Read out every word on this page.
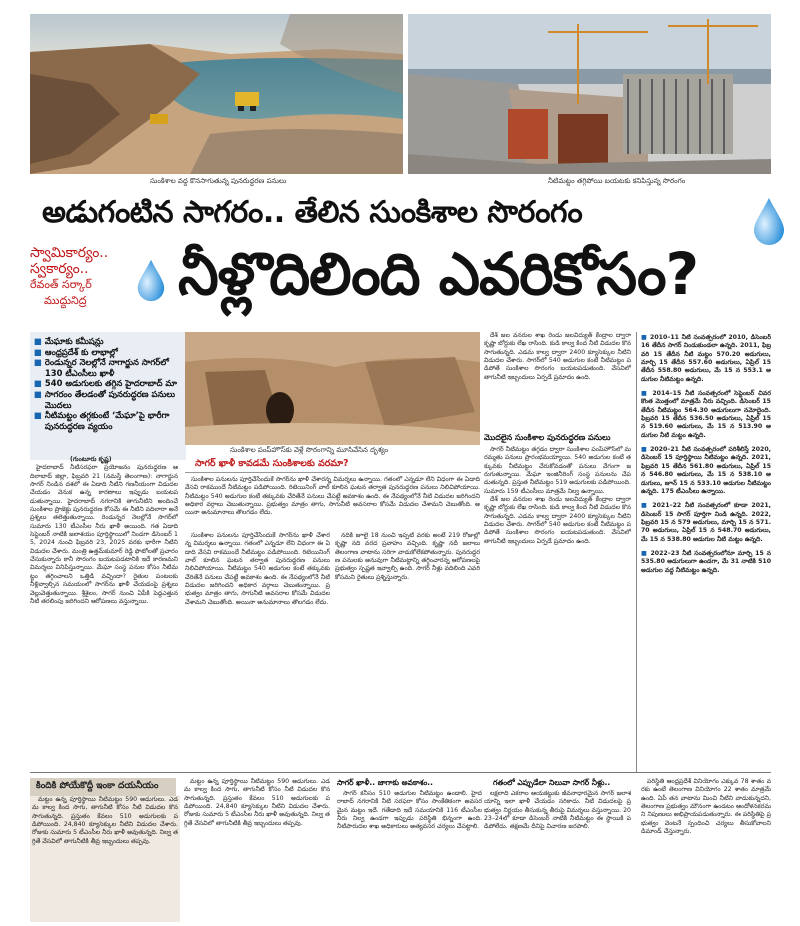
సుంకిశాల వద్ద కొనసాగుతున్న పునరుద్ధరణ పనులు	నీటిమట్టం తగ్గిపోయి బయటకు కనిపిస్తున్న సొరంగం
అడుగంటిన సాగరం.. తేలిన సుంకిశాల సొరంగం
స్వామికార్యం..
స్వకార్యం..
రేవంత్ సర్కార్
ముద్దునిద్ర	నీళ్లొదిలింది ఎవరికోసం?
■ మేఘాకు కమీషన్లు
■ ఆంధ్రప్రదేశ్ కు లాభాల్లో
■ రెండున్నర నెలల్లోనే నాగార్జున సాగర్‌లో 130 టీఎంసీలు ఖాళీ
■ 540 అడుగులకు తగ్గిన హైదరాబాద్ మా
■ సాగరంం తేలడంతో పునరుద్ధరణ పనులు మొదలు
■ నీటిమట్టం తగ్గకుంటే ‘మేఘా’పై భారీగా పునరుద్ధరణ వ్యయం
సుంకిశాల పంప్‌హౌస్‌కు వెళ్లే సొరంగాన్ని మూసివేసిన దృశ్యం
సాగర్ ఖాళీ కావడమే సుంకిశాలకు వరమా?

(గుంటూరు కృష్ణ)

హైదరాబాద్ నీటిసరఫరా ప్రయోజనం పునరుద్ధరణ ఆదిలాబాద్ జిల్లా, ఫిబ్రవరి 21 (నమస్తే తెలంగాణ): నాగార్జునసాగర్ నిండిన దశలో ఈ ఏడాది నీటిని గణనీయంగా విడుదల చేయడం వెనుక ఉన్న కారణాలు ఇప్పుడు బయటపడుతున్నాయి. హైదరాబాద్ నగరానికి తాగునీటిని అందించే సుంకిశాల ప్రాజెక్టు పునరుద్ధరణ కోసమే ఈ నీటిని వదిలారా అనే ప్రశ్నలు తలెత్తుతున్నాయి. రెండున్నర నెలల్లోనే సాగర్‌లో సుమారు 130 టీఎంసీల నీరు ఖాళీ అయింది. గత ఏడాది సెప్టెంబర్ నాటికి జలాశయం పూర్తిస్థాయిలో నిండగా డిసెంబర్ 15, 2024 నుంచి ఫిబ్రవరి 23, 2025 వరకు భారీగా నీటిని విడుదల చేశారు. మంత్రి ఉత్తమ్‌కుమార్ రెడ్డి ఫొటోలతో ప్రచారం చేసుకున్నారు కానీ సొరంగం బయటపడటానికి ఇదే కారణమని విమర్శలు వినిపిస్తున్నాయి. మేఘా సంస్థ పనుల కోసం నీటిమట్టం తగ్గించాలని ఒత్తిడి వచ్చిందా? రైతుల పంటలకు నీళ్లివ్వాల్సిన సమయంలో సాగర్‌ను ఖాళీ చేయడంపై ప్రశ్నలు వెల్లువెత్తుతున్నాయి. శ్రీశైలం, సాగర్ నుంచి ఏపీకి పెద్దఎత్తున నీటి తరలింపు జరిగిందని ఆరోపణలు వస్తున్నాయి.

సుంకిశాల పనులను పూర్తిచేసేందుకే సాగర్‌ను ఖాళీ చేశారన్న విమర్శలు ఉన్నాయి. గతంలో ఎన్నడూ లేని విధంగా ఈ ఏడాది వేసవి రాకముందే నీటిమట్టం పడిపోయింది. రిటెయినింగ్ వాల్ కూలిన ఘటన తర్వాత పునరుద్ధరణ పనులు నిలిచిపోయాయి. నీటిమట్టం 540 అడుగుల కంటే తక్కువకు చేరితేనే పనులు చేపట్టే అవకాశం ఉంది. ఈ నేపథ్యంలోనే నీటి విడుదల జరిగిందని అధికార వర్గాలు చెబుతున్నాయి. ప్రభుత్వం మాత్రం తాగు, సాగునీటి అవసరాల కోసమే విడుదల చేశామని చెబుతోంది. అయినా అనుమానాలు తొలగడం లేదు.

సుంకిశాల పనులను పూర్తిచేసేందుకే సాగర్‌ను ఖాళీ చేశారన్న విమర్శలు ఉన్నాయి. గతంలో ఎన్నడూ లేని విధంగా ఈ ఏడాది వేసవి రాకముందే నీటిమట్టం పడిపోయింది. రిటెయినింగ్ వాల్ కూలిన ఘటన తర్వాత పునరుద్ధరణ పనులు నిలిచిపోయాయి. నీటిమట్టం 540 అడుగుల కంటే తక్కువకు చేరితేనే పనులు చేపట్టే అవకాశం ఉంది. ఈ నేపథ్యంలోనే నీటి విడుదల జరిగిందని అధికార వర్గాలు చెబుతున్నాయి. ప్రభుత్వం మాత్రం తాగు, సాగునీటి అవసరాల కోసమే విడుదల చేశామని చెబుతోంది. అయినా అనుమానాలు తొలగడం లేదు.

నదికి జూలై 18 నుంచి ఇప్పటి వరకు అంటే 219 రోజుల్లో కృష్ణా నది వరద ప్రవాహం వచ్చింది. కృష్ణా నదీ జలాలు తెలంగాణ వాటాను సరిగా వాడుకోలేకపోతున్నారు. పునరుద్ధరణ పనులకు అనువుగా నీటిమట్టాన్ని తగ్గించారన్న ఆరోపణలపై ప్రభుత్వం స్పష్టత ఇవ్వాల్సి ఉంది. సాగర్ నీళ్లు వదిలింది ఎవరి కోసమని రైతులు ప్రశ్నిస్తున్నారు.

దేశ్ జల వనరుల శాఖ రెండు జలవిద్యుత్ కేంద్రాల ద్వారా కృష్ణా బోర్డుకు లేఖ రాసింది. కుడి కాల్వ కింద నీటి విడుదల కొనసాగుతున్నది. ఎడమ కాల్వ ద్వారా 2400 క్యూసెక్కుల నీటిని విడుదల చేశారు. సాగర్‌లో 540 అడుగుల కంటే నీటిమట్టం పడిపోతే సుంకిశాల సొరంగం బయటపడుతుంది. వేసవిలో తాగునీటి ఇబ్బందులు ఏర్పడే ప్రమాదం ఉంది.

మొదలైన సుంకిశాల పునరుద్ధరణ పనులు

సాగర్ నీటిమట్టం తగ్గడం ద్వారా సుంకిశాల పంప్‌హౌస్‌లో మరమ్మతు పనులు ప్రారంభమయ్యాయి. 540 అడుగుల కంటే తక్కువకు నీటిమట్టం చేరుకోవడంతో పనులు వేగంగా జరుగుతున్నాయి. మేఘా ఇంజినీరింగ్ సంస్థ పనులను చేపడుతున్నది. ప్రస్తుత నీటిమట్టం 519 అడుగులకు పడిపోయింది. సుమారు 159 టీఎంసీలు మాత్రమే నిల్వ ఉన్నాయి.

దేశ్ జల వనరుల శాఖ రెండు జలవిద్యుత్ కేంద్రాల ద్వారా కృష్ణా బోర్డుకు లేఖ రాసింది. కుడి కాల్వ కింద నీటి విడుదల కొనసాగుతున్నది. ఎడమ కాల్వ ద్వారా 2400 క్యూసెక్కుల నీటిని విడుదల చేశారు. సాగర్‌లో 540 అడుగుల కంటే నీటిమట్టం పడిపోతే సుంకిశాల సొరంగం బయటపడుతుంది. వేసవిలో తాగునీటి ఇబ్బందులు ఏర్పడే ప్రమాదం ఉంది.

■ 2010–11 నీటి సంవత్సరంలో 2010, డిసెంబర్ 16 తేదీన సాగర్ నిండుకుండలా ఉన్నది. 2011, ఫిబ్రవరి 15 తేదీన నీటి మట్టం 570.20 అడుగులు, మార్చి 15 తేదీన 557.60 అడుగులు, ఏప్రిల్ 15 తేదీన 558.80 అడుగులు, మే 15 న 553.1 అడుగుల నీటిమట్టం ఉన్నది.
■ 2014–15 నీటి సంవత్సరంలో సెప్టెంబర్ చివర కొంత మొత్తంలో మాత్రమే నీరు వచ్చింది. డిసెంబర్ 15 తేదీన నీటిమట్టం 564.30 అడుగులుగా నమోదైంది. ఫిబ్రవరి 15 తేదీన 536.50 అడుగులు, ఏప్రిల్ 15 న 519.60 అడుగులు, మే 15 న 513.90 అడుగుల నీటి మట్టం ఉన్నది.
■ 2020–21 నీటి సంవత్సరంలో పరిశీలిస్తే 2020, డిసెంబర్ 15 పూర్తిస్థాయి నీటిమట్టం ఉన్నది. 2021, ఫిబ్రవరి 15 తేదీన 561.80 అడుగులు, ఏప్రిల్ 15 న 546.80 అడుగులు, మే 15 న 538.10 అడుగులు, జూన్ 15 న 533.10 అడుగుల నీటిమట్టం ఉన్నది. 175 టీఎంసీలు ఉన్నాయి.
■ 2021–22 నీటి సంవత్సరంలో కూడా 2021, డిసెంబర్ 15 సాగర్ పూర్తిగా నిండి ఉన్నది. 2022, ఫిబ్రవరి 15 న 579 అడుగులు, మార్చి 15 న 571.70 అడుగులు, ఏప్రిల్ 15 న 548.70 అడుగులు, మే 15 న 538.80 అడుగుల నీటి మట్టం ఉన్నది.
■ 2022–23 నీటి సంవత్సరంలోనూ మార్చి 15 న 535.80 అడుగులుగా ఉండగా, మే 31 నాటికి 510 అడుగుల వద్ద నీటిమట్టం ఉన్నది.
కిందికి పోయేకొద్దీ ఇంకా దయనీయం

మట్టం ఉన్న పూర్తిస్థాయి నీటిమట్టం 590 అడుగులు. ఎడమ కాల్వ కింద సాగు, తాగునీటి కోసం నీటి విడుదల కొనసాగుతున్నది. ప్రస్తుతం కేవలం 510 అడుగులకు పడిపోయింది. 24,840 క్యూసెక్కుల నీటిని విడుదల చేశారు. రోజుకు సుమారు 5 టీఎంసీల నీరు ఖాళీ అవుతున్నది. నిల్వ తగ్గితే వేసవిలో తాగునీటికి తీవ్ర ఇబ్బందులు తప్పవు.

మట్టం ఉన్న పూర్తిస్థాయి నీటిమట్టం 590 అడుగులు. ఎడమ కాల్వ కింద సాగు, తాగునీటి కోసం నీటి విడుదల కొనసాగుతున్నది. ప్రస్తుతం కేవలం 510 అడుగులకు పడిపోయింది. 24,840 క్యూసెక్కుల నీటిని విడుదల చేశారు. రోజుకు సుమారు 5 టీఎంసీల నీరు ఖాళీ అవుతున్నది. నిల్వ తగ్గితే వేసవిలో తాగునీటికి తీవ్ర ఇబ్బందులు తప్పవు.

సాగర్ ఖాళీ.. జాగాకు అవకాశం..

సాగర్ కనీసం 510 అడుగుల నీటిమట్టం ఉండాలి. హైదరాబాద్ నగరానికి నీటి సరఫరా కోసం సాంకేతికంగా అవసరమైన మట్టం ఇదే. గతేడాది ఇదే సమయానికి 116 టీఎంసీల నీరు నిల్వ ఉండగా ఇప్పుడు పరిస్థితి భిన్నంగా ఉంది. నీటిపారుదల శాఖ అధికారులు అత్యవసర చర్యలు చేపట్టాలి.

గతంలో ఎప్పుడేలా నిలువా సాగర్ నీళ్లు..

లక్షలాది ఎకరాల ఆయకట్టుకు జీవనాధారమైన సాగర్ జలాశయాన్ని ఇలా ఖాళీ చేయడం సరికాదు. నీటి విడుదలపై ప్రభుత్వం నిర్ణయం తీసుకున్న తీరుపై విమర్శలు వస్తున్నాయి. 2023–24లో కూడా డిసెంబర్ నాటికి నీటిమట్టం ఈ స్థాయికి పడిపోలేదు. తక్షణమే దీనిపై విచారణ జరపాలి.

పరిస్థితి ఆంధ్రప్రదేశ్ వినియోగం ఎక్కువ 78 శాతం వరకు ఉంటే తెలంగాణ వినియోగం 22 శాతం మాత్రమే ఉంది. ఏపీ తన వాటాను మించి నీటిని వాడుకున్నదని, తెలంగాణ ప్రభుత్వం మౌనంగా ఉండటం ఆందోళనకరమని నిపుణులు అభిప్రాయపడుతున్నారు. ఈ పరిస్థితిపై ప్రభుత్వం వెంటనే స్పందించి చర్యలు తీసుకోవాలని డిమాండ్ చేస్తున్నారు.
